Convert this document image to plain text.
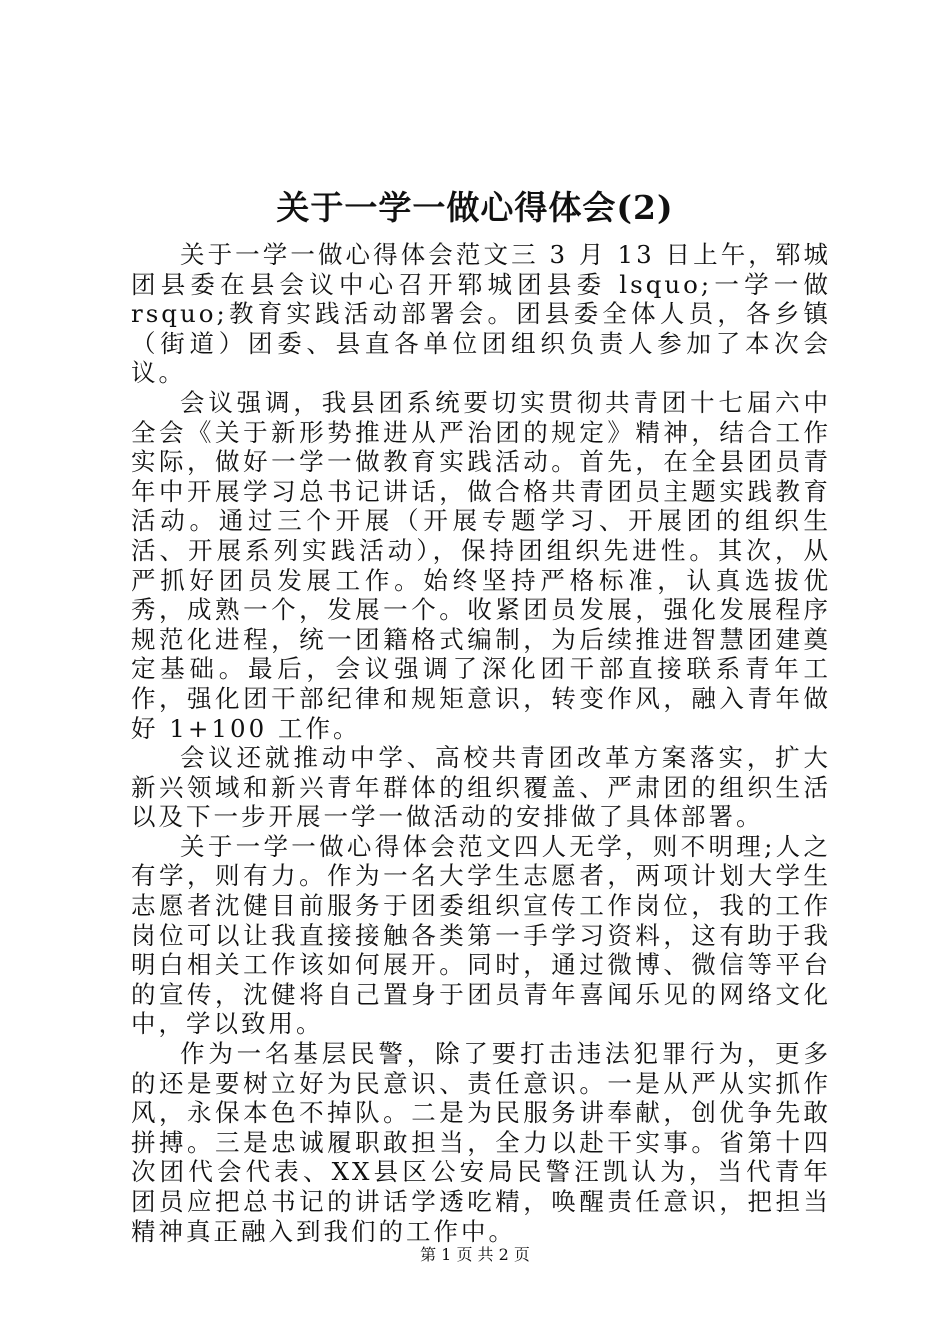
关于一学一做心得体会(2)

关于一学一做心得体会范文三 3 月 13 日上午，郓城团县委在县会议中心召开郓城团县委 lsquo;一学一做 rsquo;教育实践活动部署会。团县委全体人员，各乡镇（街道）团委、县直各单位团组织负责人参加了本次会议。

会议强调，我县团系统要切实贯彻共青团十七届六中全会《关于新形势推进从严治团的规定》精神，结合工作实际，做好一学一做教育实践活动。首先，在全县团员青年中开展学习总书记讲话，做合格共青团员主题实践教育活动。通过三个开展（开展专题学习、开展团的组织生活、开展系列实践活动），保持团组织先进性。其次，从严抓好团员发展工作。始终坚持严格标准，认真选拔优秀，成熟一个，发展一个。收紧团员发展，强化发展程序规范化进程，统一团籍格式编制，为后续推进智慧团建奠定基础。最后，会议强调了深化团干部直接联系青年工作，强化团干部纪律和规矩意识，转变作风，融入青年做好 1+100 工作。

会议还就推动中学、高校共青团改革方案落实，扩大新兴领域和新兴青年群体的组织覆盖、严肃团的组织生活以及下一步开展一学一做活动的安排做了具体部署。

关于一学一做心得体会范文四人无学，则不明理;人之有学，则有力。作为一名大学生志愿者，两项计划大学生志愿者沈健目前服务于团委组织宣传工作岗位，我的工作岗位可以让我直接接触各类第一手学习资料，这有助于我明白相关工作该如何展开。同时，通过微博、微信等平台的宣传，沈健将自己置身于团员青年喜闻乐见的网络文化中，学以致用。

作为一名基层民警，除了要打击违法犯罪行为，更多的还是要树立好为民意识、责任意识。一是从严从实抓作风，永保本色不掉队。二是为民服务讲奉献，创优争先敢拼搏。三是忠诚履职敢担当，全力以赴干实事。省第十四次团代会代表、XX县区公安局民警汪凯认为，当代青年团员应把总书记的讲话学透吃精，唤醒责任意识，把担当精神真正融入到我们的工作中。

第 1 页 共 2 页
